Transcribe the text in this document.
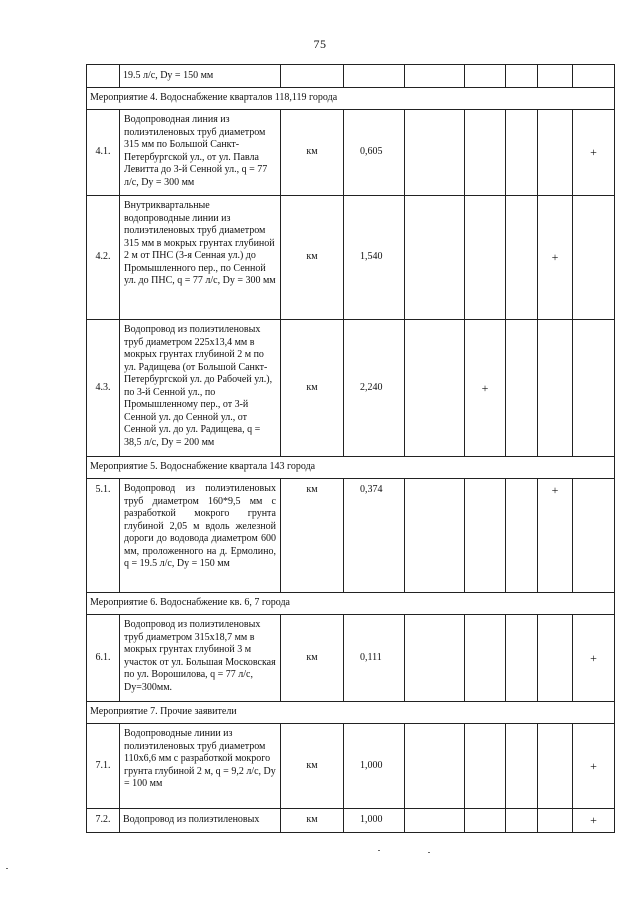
75
	19.5 л/с, Dy = 150 мм							
Мероприятие 4. Водоснабжение кварталов 118,119 города								
4.1.	Водопроводная линия из полиэтиленовых труб диаметром 315 мм по Большой Санкт-Петербургской ул., от ул. Павла Левитта до 3-й Сенной ул., q = 77 л/с, Dy = 300 мм	км	0,605					+
4.2.	Внутриквартальные водопроводные линии из полиэтиленовых труб диаметром 315 мм в мокрых грунтах глубиной 2 м от ПНС (3-я Сенная ул.) до Промышленного пер., по Сенной ул. до ПНС, q = 77 л/с, Dy = 300 мм	км	1,540				+	
4.3.	Водопровод из полиэтиленовых труб диаметром 225х13,4 мм в мокрых грунтах глубиной 2 м по ул. Радищева (от Большой Санкт-Петербургской ул. до Рабочей ул.), по 3-й Сенной ул., по Промышленному пер., от 3-й Сенной ул. до Сенной ул., от Сенной ул. до ул. Радищева, q = 38,5 л/с, Dy = 200 мм	км	2,240		+			
Мероприятие 5. Водоснабжение квартала 143 города								
5.1.	Водопровод из полиэтиленовых труб диаметром 160*9,5 мм с разработкой мокрого грунта глубиной 2,05 м вдоль железной дороги до водовода диаметром 600 мм, проложенного на д. Ермолино, q = 19.5 л/с, Dy = 150 мм	км	0,374				+	
Мероприятие 6. Водоснабжение кв. 6, 7 города								
6.1.	Водопровод из полиэтиленовых труб диаметром 315х18,7 мм в мокрых грунтах глубиной 3 м участок от ул. Большая Московская по ул. Ворошилова, q = 77 л/с, Dy=300мм.	км	0,111					+
Мероприятие 7. Прочие заявители								
7.1.	Водопроводные линии из полиэтиленовых труб диаметром 110х6,6 мм с разработкой мокрого грунта глубиной 2 м, q = 9,2 л/с, Dy = 100 мм	км	1,000					+
7.2.	Водопровод из полиэтиленовых	км	1,000					+
